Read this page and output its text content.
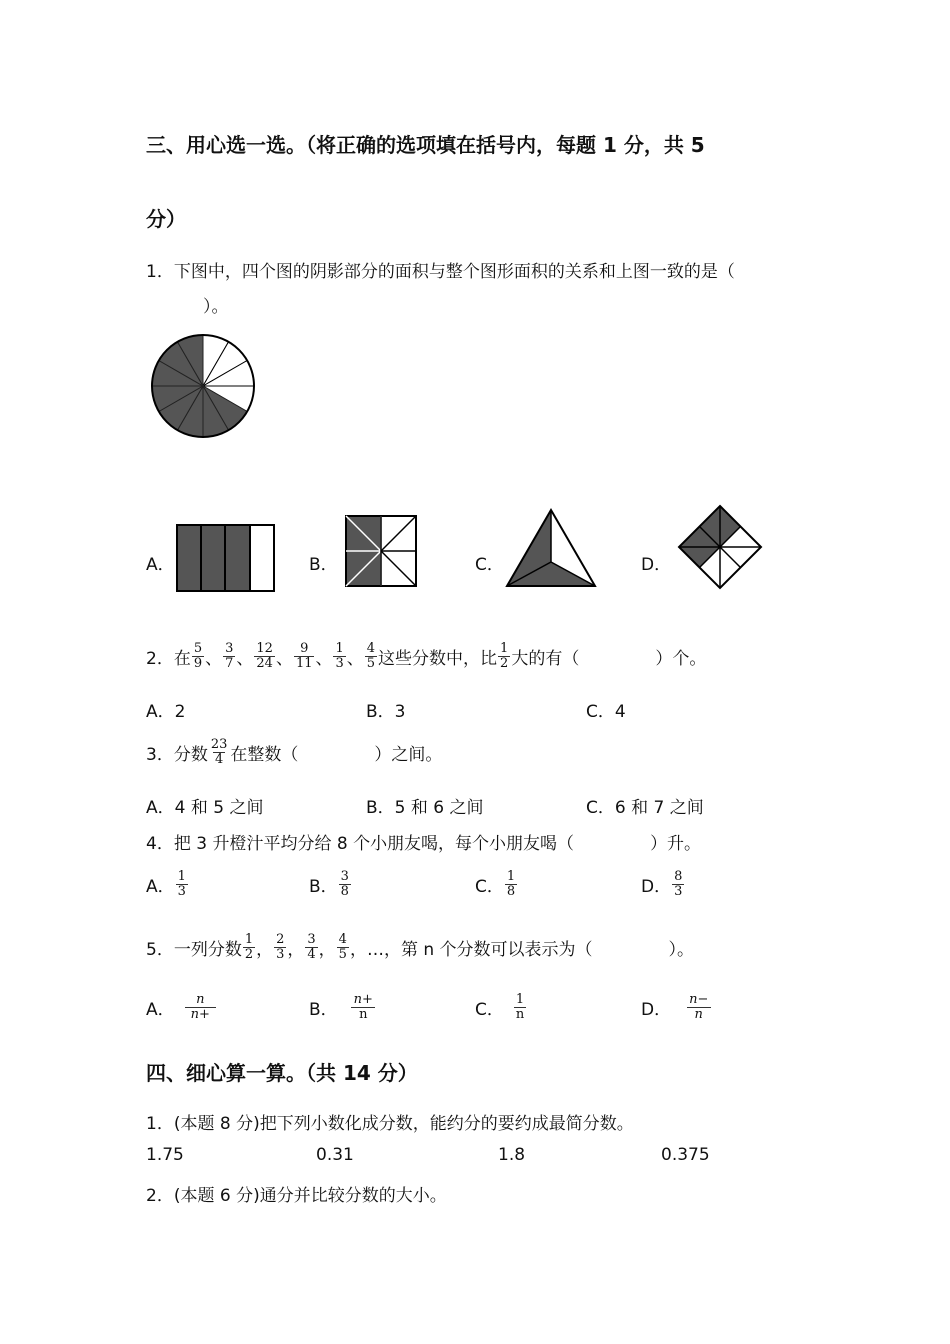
三、用心选一选。（将正确的选项填在括号内，每题 1 分，共 5
分）
1．下图中，四个图的阴影部分的面积与整个图形面积的关系和上图一致的是（
）。
A．	B．	C．	D．
2．在 $\frac{5}{9}$ 、 $\frac{3}{7}$ 、 $\frac{12}{24}$ 、 $\frac{9}{11}$ 、 $\frac{1}{3}$ 、 $\frac{4}{5}$ 这些分数中，比 $\frac{1}{2}$ 大的有（	）个。
A．2	B．3	C．4
3．分数 $\frac{23}{4}$ 在整数（	）之间。
A．4 和 5 之间	B．5 和 6 之间	C．6 和 7 之间
4．把 3 升橙汁平均分给 8 个小朋友喝，每个小朋友喝（	）升。
A． $\frac{1}{3}$	B． $\frac{3}{8}$	C． $\frac{1}{8}$	D． $\frac{8}{3}$
5．一列分数 $\frac{1}{2}$ ， $\frac{2}{3}$ ， $\frac{3}{4}$ ， $\frac{4}{5}$ ，…，第 n 个分数可以表示为（	）。
A． $\frac{n}{n+}$	B． $\frac{n+}{n}$	C． $\frac{1}{n}$	D． $\frac{n-}{n}$
四、细心算一算。（共 14 分）
1．(本题 8 分)把下列小数化成分数，能约分的要约成最简分数。
1.75	0.31	1.8	0.375
2．(本题 6 分)通分并比较分数的大小。
